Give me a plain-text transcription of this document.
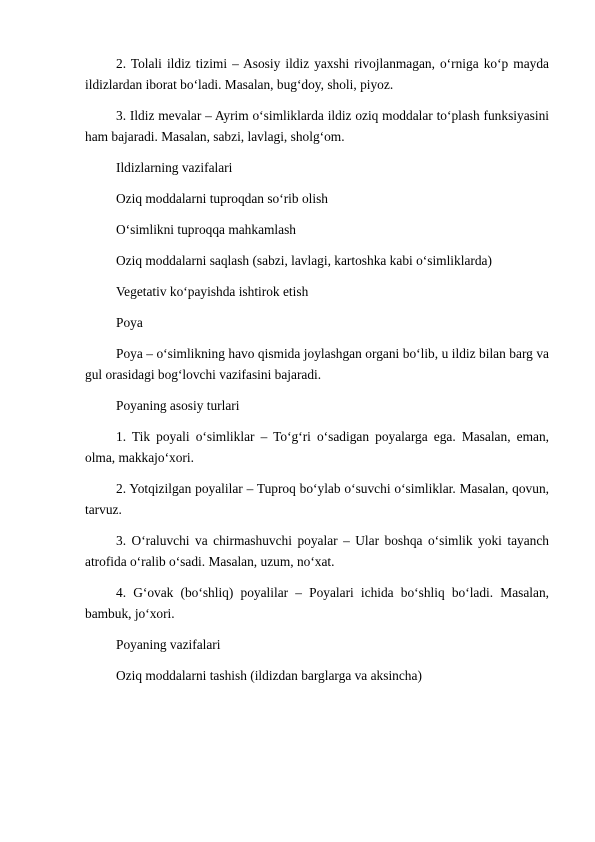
2. Tolali ildiz tizimi – Asosiy ildiz yaxshi rivojlanmagan, o‘rniga ko‘p mayda ildizlardan iborat bo‘ladi. Masalan, bug‘doy, sholi, piyoz.

3. Ildiz mevalar – Ayrim o‘simliklarda ildiz oziq moddalar to‘plash funksiyasini ham bajaradi. Masalan, sabzi, lavlagi, sholg‘om.

Ildizlarning vazifalari

Oziq moddalarni tuproqdan so‘rib olish

O‘simlikni tuproqqa mahkamlash

Oziq moddalarni saqlash (sabzi, lavlagi, kartoshka kabi o‘simliklarda)

Vegetativ ko‘payishda ishtirok etish

Poya

Poya – o‘simlikning havo qismida joylashgan organi bo‘lib, u ildiz bilan barg va gul orasidagi bog‘lovchi vazifasini bajaradi.

Poyaning asosiy turlari

1. Tik poyali o‘simliklar – To‘g‘ri o‘sadigan poyalarga ega. Masalan, eman, olma, makkajo‘xori.

2. Yotqizilgan poyalilar – Tuproq bo‘ylab o‘suvchi o‘simliklar. Masalan, qovun, tarvuz.

3. O‘raluvchi va chirmashuvchi poyalar – Ular boshqa o‘simlik yoki tayanch atrofida o‘ralib o‘sadi. Masalan, uzum, no‘xat.

4. G‘ovak (bo‘shliq) poyalilar – Poyalari ichida bo‘shliq bo‘ladi. Masalan, bambuk, jo‘xori.

Poyaning vazifalari

Oziq moddalarni tashish (ildizdan barglarga va aksincha)
